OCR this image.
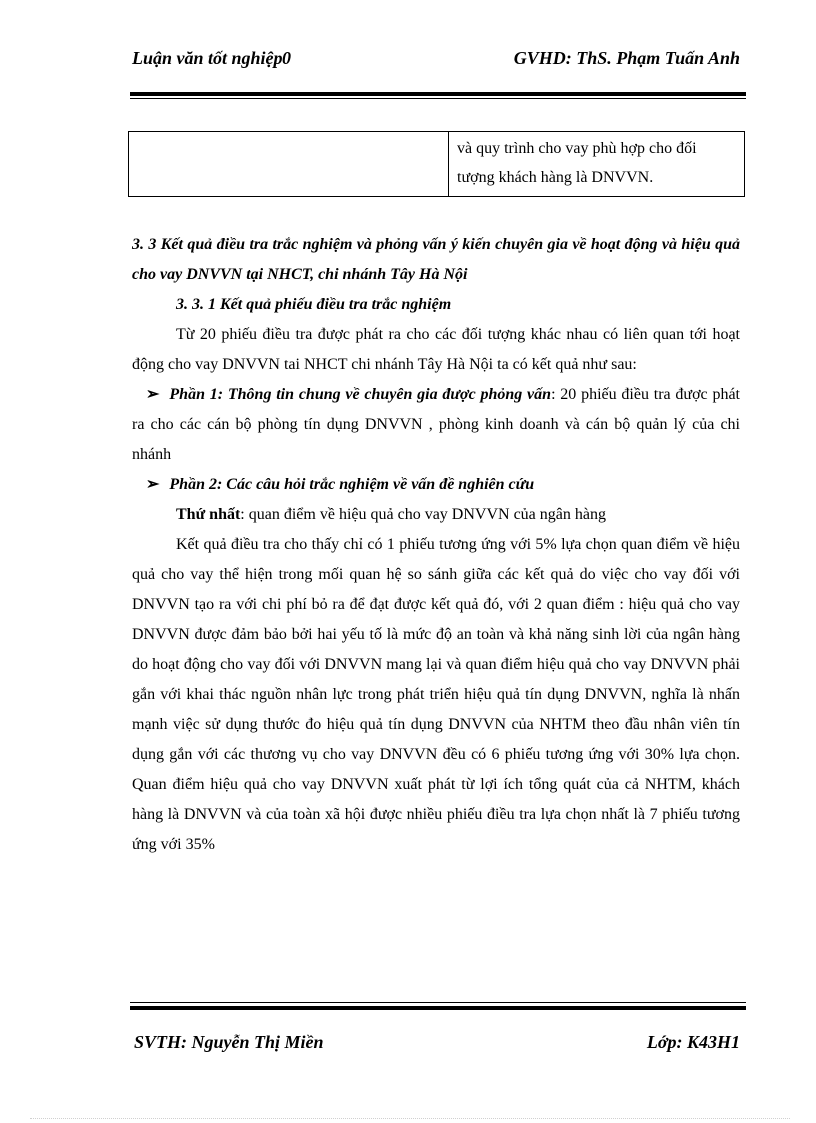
Luận văn tốt nghiệp	GVHD: ThS. Phạm Tuấn Anh
0
	và quy trình cho vay phù hợp cho đối tượng khách hàng là DNVVN.

3. 3 Kết quả điều tra trắc nghiệm và phỏng vấn ý kiến chuyên gia về hoạt động và hiệu quả cho vay DNVVN tại NHCT, chi nhánh Tây Hà Nội

3. 3. 1 Kết quả phiếu điều tra trắc nghiệm

Từ 20 phiếu điều tra được phát ra cho các đối tượng khác nhau có liên quan tới hoạt động cho vay DNVVN tai NHCT chi nhánh Tây Hà Nội ta có kết quả như sau:

➢ Phần 1: Thông tin chung về chuyên gia được phỏng vấn: 20 phiếu điều tra được phát ra cho các cán bộ phòng tín dụng DNVVN , phòng kinh doanh và cán bộ quản lý của chi nhánh

➢ Phần 2: Các câu hỏi trắc nghiệm về vấn đề nghiên cứu

Thứ nhất: quan điểm về hiệu quả cho vay DNVVN của ngân hàng

Kết quả điều tra cho thấy chỉ có 1 phiếu tương ứng với 5% lựa chọn quan điểm về hiệu quả cho vay thể hiện trong mối quan hệ so sánh giữa các kết quả do việc cho vay đối với DNVVN tạo ra với chi phí bỏ ra để đạt được kết quả đó, với 2 quan điểm : hiệu quả cho vay DNVVN được đảm bảo bởi hai yếu tố là mức độ an toàn và khả năng sinh lời của ngân hàng do hoạt động cho vay đối với DNVVN mang lại và quan điểm hiệu quả cho vay DNVVN phải gắn với khai thác nguồn nhân lực trong phát triển hiệu quả tín dụng DNVVN, nghĩa là nhấn mạnh việc sử dụng thước đo hiệu quả tín dụng DNVVN của NHTM theo đầu nhân viên tín dụng gắn với các thương vụ cho vay DNVVN đều có 6 phiếu tương ứng với 30% lựa chọn. Quan điểm hiệu quả cho vay DNVVN xuất phát từ lợi ích tổng quát của cả NHTM, khách hàng là DNVVN và của toàn xã hội được nhiều phiếu điều tra lựa chọn nhất là 7 phiếu tương ứng với 35%

SVTH: Nguyễn Thị Miền	Lớp: K43H1
